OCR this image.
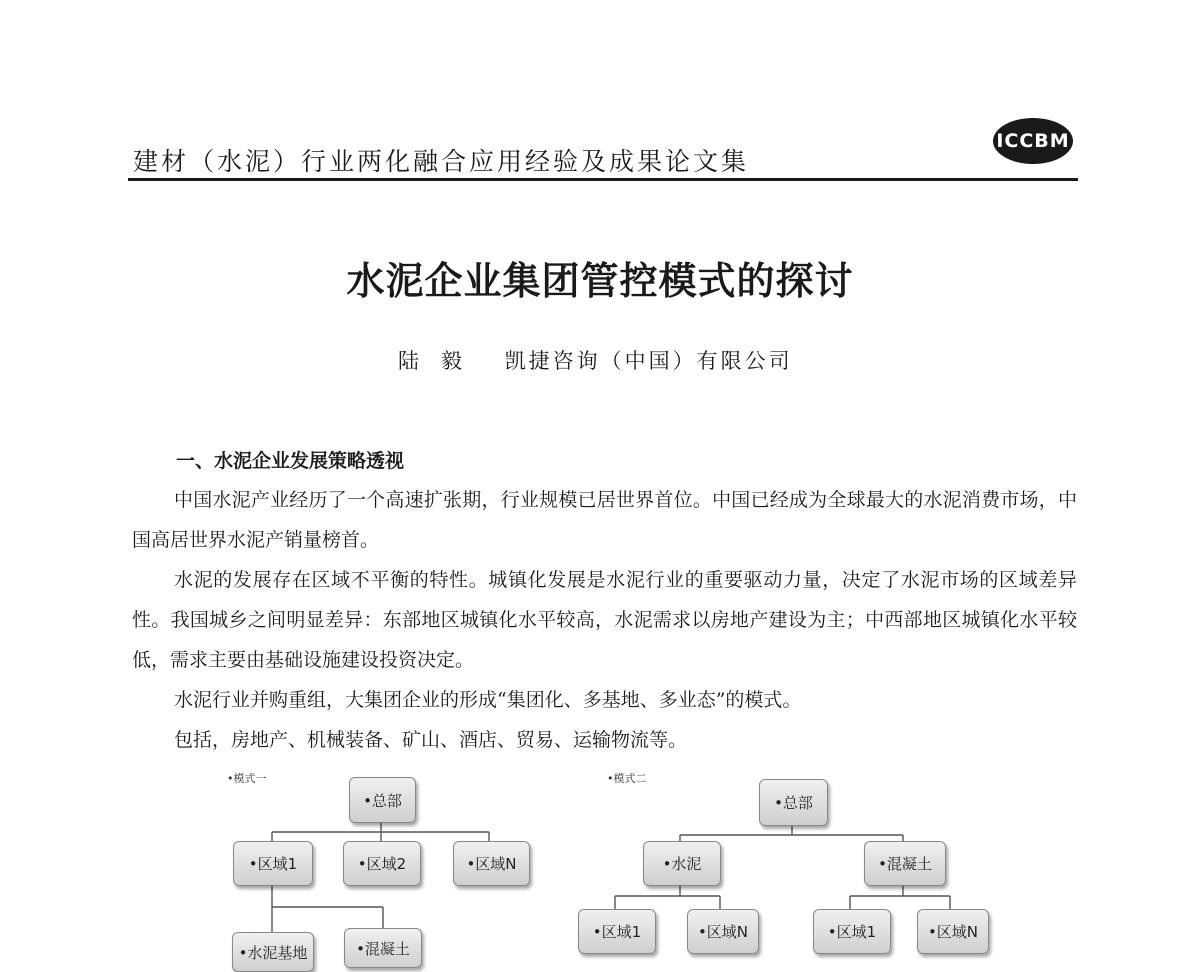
建材（水泥）行业两化融合应用经验及成果论文集
ICCBM
水泥企业集团管控模式的探讨
陆毅 凯捷咨询（中国）有限公司
一、水泥企业发展策略透视

中国水泥产业经历了一个高速扩张期，行业规模已居世界首位。中国已经成为全球最大的水泥消费市场，中国高居世界水泥产销量榜首。

水泥的发展存在区域不平衡的特性。城镇化发展是水泥行业的重要驱动力量，决定了水泥市场的区域差异性。我国城乡之间明显差异：东部地区城镇化水平较高，水泥需求以房地产建设为主；中西部地区城镇化水平较低，需求主要由基础设施建设投资决定。

水泥行业并购重组，大集团企业的形成“集团化、多基地、多业态”的模式。

包括，房地产、机械装备、矿山、酒店、贸易、运输物流等。

•模式一
•总部
•区域1	•区域2	•区域N
•水泥基地	•混凝土
•模式二
•总部
•水泥	•混凝土
•区域1	•区域N	•区域1	•区域N
